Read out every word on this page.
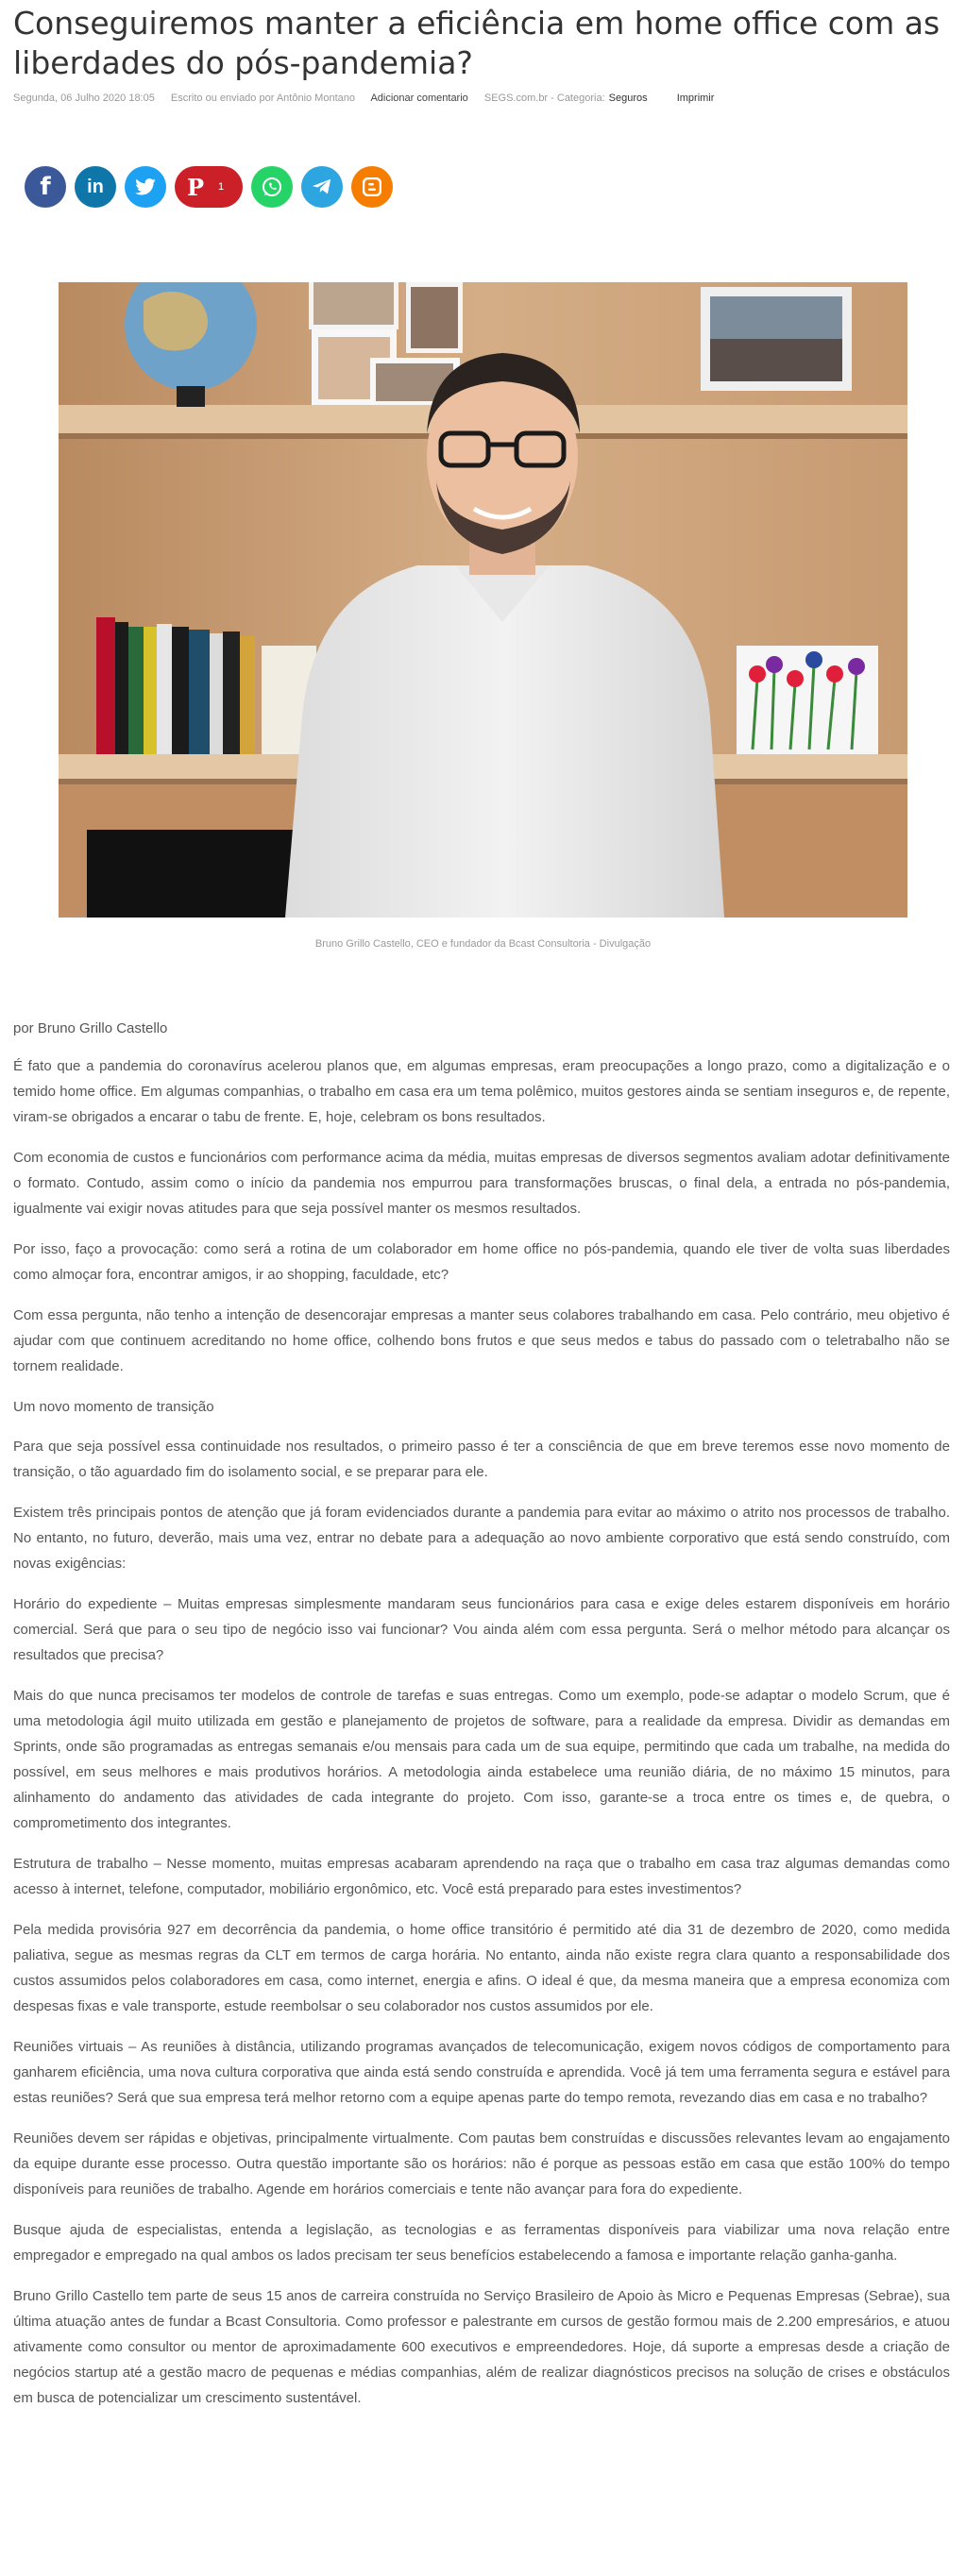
Conseguiremos manter a eficiência em home office com as liberdades do pós-pandemia?
Segunda, 06 Julho 2020 18:05 Escrito ou enviado por Antônio Montano Adicionar comentario SEGS.com.br - Categoria: Seguros	Imprimir
f in	P	1
Bruno Grillo Castello, CEO e fundador da Bcast Consultoria - Divulgação

por Bruno Grillo Castello

É fato que a pandemia do coronavírus acelerou planos que, em algumas empresas, eram preocupações a longo prazo, como a digitalização e o temido home office. Em algumas companhias, o trabalho em casa era um tema polêmico, muitos gestores ainda se sentiam inseguros e, de repente, viram-se obrigados a encarar o tabu de frente. E, hoje, celebram os bons resultados.

Com economia de custos e funcionários com performance acima da média, muitas empresas de diversos segmentos avaliam adotar definitivamente o formato. Contudo, assim como o início da pandemia nos empurrou para transformações bruscas, o final dela, a entrada no pós-pandemia, igualmente vai exigir novas atitudes para que seja possível manter os mesmos resultados.

Por isso, faço a provocação: como será a rotina de um colaborador em home office no pós-pandemia, quando ele tiver de volta suas liberdades como almoçar fora, encontrar amigos, ir ao shopping, faculdade, etc?

Com essa pergunta, não tenho a intenção de desencorajar empresas a manter seus colabores trabalhando em casa. Pelo contrário, meu objetivo é ajudar com que continuem acreditando no home office, colhendo bons frutos e que seus medos e tabus do passado com o teletrabalho não se tornem realidade.

Um novo momento de transição

Para que seja possível essa continuidade nos resultados, o primeiro passo é ter a consciência de que em breve teremos esse novo momento de transição, o tão aguardado fim do isolamento social, e se preparar para ele.

Existem três principais pontos de atenção que já foram evidenciados durante a pandemia para evitar ao máximo o atrito nos processos de trabalho. No entanto, no futuro, deverão, mais uma vez, entrar no debate para a adequação ao novo ambiente corporativo que está sendo construído, com novas exigências:

Horário do expediente – Muitas empresas simplesmente mandaram seus funcionários para casa e exige deles estarem disponíveis em horário comercial. Será que para o seu tipo de negócio isso vai funcionar? Vou ainda além com essa pergunta. Será o melhor método para alcançar os resultados que precisa?

Mais do que nunca precisamos ter modelos de controle de tarefas e suas entregas. Como um exemplo, pode-se adaptar o modelo Scrum, que é uma metodologia ágil muito utilizada em gestão e planejamento de projetos de software, para a realidade da empresa. Dividir as demandas em Sprints, onde são programadas as entregas semanais e/ou mensais para cada um de sua equipe, permitindo que cada um trabalhe, na medida do possível, em seus melhores e mais produtivos horários. A metodologia ainda estabelece uma reunião diária, de no máximo 15 minutos, para alinhamento do andamento das atividades de cada integrante do projeto. Com isso, garante-se a troca entre os times e, de quebra, o comprometimento dos integrantes.

Estrutura de trabalho – Nesse momento, muitas empresas acabaram aprendendo na raça que o trabalho em casa traz algumas demandas como acesso à internet, telefone, computador, mobiliário ergonômico, etc. Você está preparado para estes investimentos?

Pela medida provisória 927 em decorrência da pandemia, o home office transitório é permitido até dia 31 de dezembro de 2020, como medida paliativa, segue as mesmas regras da CLT em termos de carga horária. No entanto, ainda não existe regra clara quanto a responsabilidade dos custos assumidos pelos colaboradores em casa, como internet, energia e afins. O ideal é que, da mesma maneira que a empresa economiza com despesas fixas e vale transporte, estude reembolsar o seu colaborador nos custos assumidos por ele.

Reuniões virtuais – As reuniões à distância, utilizando programas avançados de telecomunicação, exigem novos códigos de comportamento para ganharem eficiência, uma nova cultura corporativa que ainda está sendo construída e aprendida. Você já tem uma ferramenta segura e estável para estas reuniões? Será que sua empresa terá melhor retorno com a equipe apenas parte do tempo remota, revezando dias em casa e no trabalho?

Reuniões devem ser rápidas e objetivas, principalmente virtualmente. Com pautas bem construídas e discussões relevantes levam ao engajamento da equipe durante esse processo. Outra questão importante são os horários: não é porque as pessoas estão em casa que estão 100% do tempo disponíveis para reuniões de trabalho. Agende em horários comerciais e tente não avançar para fora do expediente.

Busque ajuda de especialistas, entenda a legislação, as tecnologias e as ferramentas disponíveis para viabilizar uma nova relação entre empregador e empregado na qual ambos os lados precisam ter seus benefícios estabelecendo a famosa e importante relação ganha-ganha.

Bruno Grillo Castello tem parte de seus 15 anos de carreira construída no Serviço Brasileiro de Apoio às Micro e Pequenas Empresas (Sebrae), sua última atuação antes de fundar a Bcast Consultoria. Como professor e palestrante em cursos de gestão formou mais de 2.200 empresários, e atuou ativamente como consultor ou mentor de aproximadamente 600 executivos e empreendedores. Hoje, dá suporte a empresas desde a criação de negócios startup até a gestão macro de pequenas e médias companhias, além de realizar diagnósticos precisos na solução de crises e obstáculos em busca de potencializar um crescimento sustentável.
